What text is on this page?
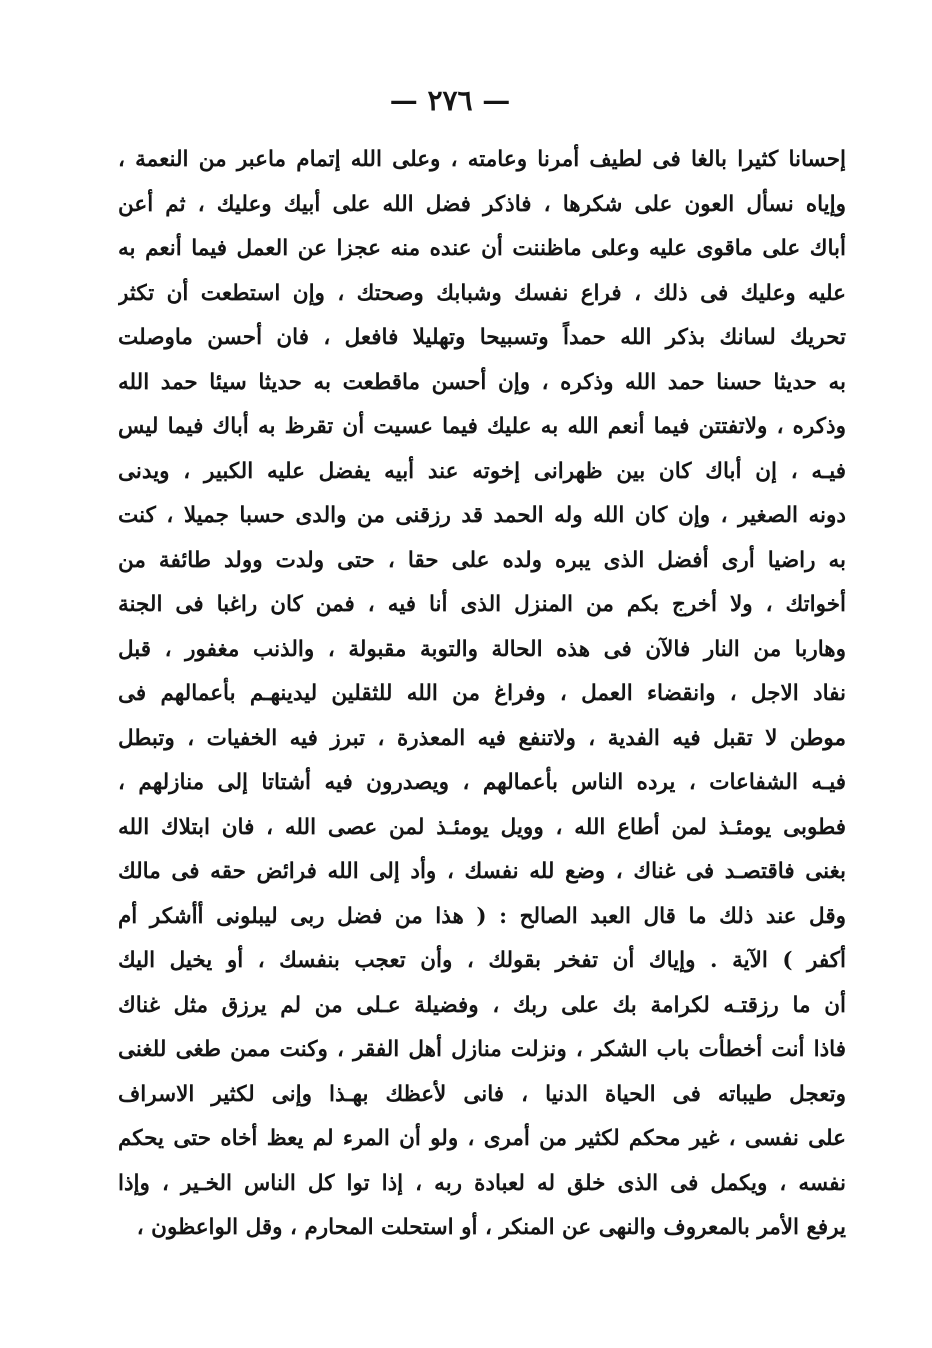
— ٢٧٦ —
إحسانا كثيرا بالغا فى لطيف أمرنا وعامته ، وعلى الله إتمام ماعبر من النعمة ،
وإياه نسأل العون على شكرها ، فاذكر فضل الله على أبيك وعليك ، ثم أعن
أباك على ماقوى عليه وعلى ماظننت أن عنده منه عجزا عن العمل فيما أنعم به
عليه وعليك فى ذلك ، فراع نفسك وشبابك وصحتك ، وإن استطعت أن تكثر
تحريك لسانك بذكر الله حمداً وتسبيحا وتهليلا فافعل ، فان أحسن ماوصلت
به حديثا حسنا حمد الله وذكره ، وإن أحسن ماقطعت به حديثا سيئا حمد الله
وذكره ، ولاتفتتن فيما أنعم الله به عليك فيما عسيت أن تقرظ به أباك فيما ليس
فيـه ، إن أباك كان بين ظهرانى إخوته عند أبيه يفضل عليه الكبير ، ويدنى
دونه الصغير ، وإن كان الله وله الحمد قد رزقنى من والدى حسبا جميلا ، كنت
به راضيا أرى أفضل الذى يبره ولده على حقا ، حتى ولدت وولد طائفة من
أخواتك ، ولا أخرج بكم من المنزل الذى أنا فيه ، فمن كان راغبا فى الجنة
وهاربا من النار فالآن فى هذه الحالة والتوبة مقبولة ، والذنب مغفور ، قبل
نفاد الاجل ، وانقضاء العمل ، وفراغ من الله للثقلين ليدينهـم بأعمالهم فى
موطن لا تقبل فيه الفدية ، ولاتنفع فيه المعذرة ، تبرز فيه الخفيات ، وتبطل
فيـه الشفاعات ، يرده الناس بأعمالهم ، ويصدرون فيه أشتاتا إلى منازلهم ،
فطوبى يومئـذ لمن أطاع الله ، وويل يومئـذ لمن عصى الله ، فان ابتلاك الله
بغنى فاقتصـد فى غناك ، وضع لله نفسك ، وأد إلى الله فرائض حقه فى مالك
وقل عند ذلك ما قال العبد الصالح : ( هذا من فضل ربى ليبلونى أأشكر أم
أكفر ) الآية . وإياك أن تفخر بقولك ، وأن تعجب بنفسك ، أو يخيل اليك
أن ما رزقتـه لكرامة بك على ربك ، وفضيلة عـلى من لم يرزق مثل غناك
فاذا أنت أخطأت باب الشكر ، ونزلت منازل أهل الفقر ، وكنت ممن طغى للغنى
وتعجل طيباته فى الحياة الدنيا ، فانى لأعظك بهـذا وإنى لكثير الاسراف
على نفسى ، غير محكم لكثير من أمرى ، ولو أن المرء لم يعظ أخاه حتى يحكم
نفسه ، ويكمل فى الذى خلق له لعبادة ربه ، إذا توا كل الناس الخـير ، وإذا
يرفع الأمر بالمعروف والنهى عن المنكر ، أو استحلت المحارم ، وقل الواعظون ،
